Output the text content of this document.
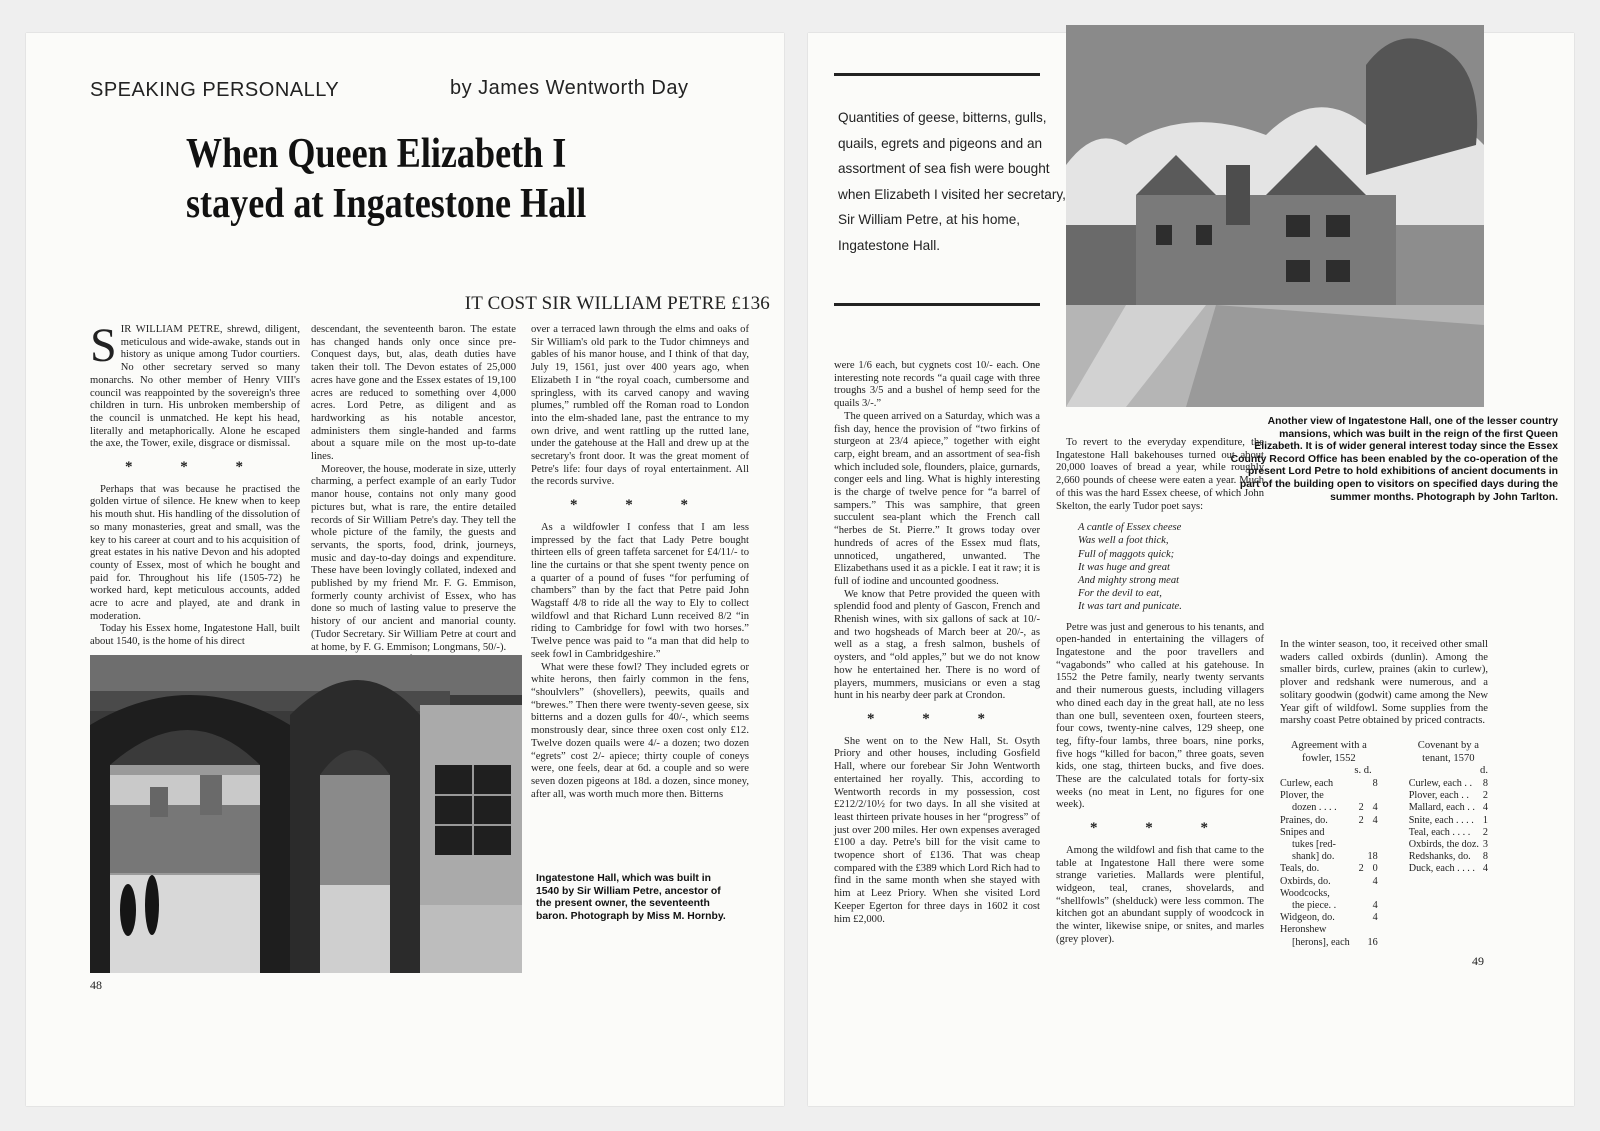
SPEAKING PERSONALLY	by James Wentworth Day
When Queen Elizabeth I
stayed at Ingatestone Hall
IT COST SIR WILLIAM PETRE £136

SIR WILLIAM PETRE, shrewd, diligent, meticulous and wide-awake, stands out in history as unique among Tudor courtiers. No other secretary served so many monarchs. No other member of Henry VIII's council was reappointed by the sovereign's three children in turn. His unbroken membership of the council is unmatched. He kept his head, literally and metaphorically. Alone he escaped the axe, the Tower, exile, disgrace or dismissal.

* * *

Perhaps that was because he practised the golden virtue of silence. He knew when to keep his mouth shut. His handling of the dissolution of so many monasteries, great and small, was the key to his career at court and to his acquisition of great estates in his native Devon and his adopted county of Essex, most of which he bought and paid for. Throughout his life (1505-72) he worked hard, kept meticulous accounts, added acre to acre and played, ate and drank in moderation.

Today his Essex home, Ingatestone Hall, built about 1540, is the home of his direct

descendant, the seventeenth baron. The estate has changed hands only once since pre-Conquest days, but, alas, death duties have taken their toll. The Devon estates of 25,000 acres have gone and the Essex estates of 19,100 acres are reduced to something over 4,000 acres. Lord Petre, as diligent and as hardworking as his notable ancestor, administers them single-handed and farms about a square mile on the most up-to-date lines.

Moreover, the house, moderate in size, utterly charming, a perfect example of an early Tudor manor house, contains not only many good pictures but, what is rare, the entire detailed records of Sir William Petre's day. They tell the whole picture of the family, the guests and servants, the sports, food, drink, journeys, music and day-to-day doings and expenditure. These have been lovingly collated, indexed and published by my friend Mr. F. G. Emmison, formerly county archivist of Essex, who has done so much of lasting value to preserve the history of our ancient and manorial county. (Tudor Secretary. Sir William Petre at court and at home, by F. G. Emmison; Longmans, 50/-).

over a terraced lawn through the elms and oaks of Sir William's old park to the Tudor chimneys and gables of his manor house, and I think of that day, July 19, 1561, just over 400 years ago, when Elizabeth I in “the royal coach, cumbersome and springless, with its carved canopy and waving plumes,” rumbled off the Roman road to London into the elm-shaded lane, past the entrance to my own drive, and went rattling up the rutted lane, under the gatehouse at the Hall and drew up at the secretary's front door. It was the great moment of Petre's life: four days of royal entertainment. All the records survive.

* * *

As a wildfowler I confess that I am less impressed by the fact that Lady Petre bought thirteen ells of green taffeta sarcenet for £4/11/- to line the curtains or that she spent twenty pence on a quarter of a pound of fuses “for perfuming of chambers” than by the fact that Petre paid John Wagstaff 4/8 to ride all the way to Ely to collect wildfowl and that Richard Lunn received 8/2 “in riding to Cambridge for fowl with two horses.” Twelve pence was paid to “a man that did help to seek fowl in Cambridgeshire.”

What were these fowl? They included egrets or white herons, then fairly common in the fens, “shoulvlers” (shovellers), peewits, quails and “brewes.” Then there were twenty-seven geese, six bitterns and a dozen gulls for 40/-, which seems monstrously dear, since three oxen cost only £12. Twelve dozen quails were 4/- a dozen; two dozen “egrets” cost 2/- apiece; thirty couple of coneys were, one feels, dear at 6d. a couple and so were seven dozen pigeons at 18d. a dozen, since money, after all, was worth much more then. Bitterns

Ingatestone Hall, which was built in 1540 by Sir William Petre, ancestor of the present owner, the seventeenth baron. Photograph by Miss M. Hornby.
48
Quantities of geese, bitterns, gulls, quails, egrets and pigeons and an assortment of sea fish were bought when Elizabeth I visited her secretary, Sir William Petre, at his home, Ingatestone Hall.
Another view of Ingatestone Hall, one of the lesser country mansions, which was built in the reign of the first Queen Elizabeth. It is of wider general interest today since the Essex County Record Office has been enabled by the co-operation of the present Lord Petre to hold exhibitions of ancient documents in part of the building open to visitors on specified days during the summer months. Photograph by John Tarlton.

were 1/6 each, but cygnets cost 10/- each. One interesting note records “a quail cage with three troughs 3/5 and a bushel of hemp seed for the quails 3/-.”

The queen arrived on a Saturday, which was a fish day, hence the provision of “two firkins of sturgeon at 23/4 apiece,” together with eight carp, eight bream, and an assortment of sea-fish which included sole, flounders, plaice, gurnards, conger eels and ling. What is highly interesting is the charge of twelve pence for “a barrel of sampers.” This was samphire, that green succulent sea-plant which the French call “herbes de St. Pierre.” It grows today over hundreds of acres of the Essex mud flats, unnoticed, ungathered, unwanted. The Elizabethans used it as a pickle. I eat it raw; it is full of iodine and uncounted goodness.

We know that Petre provided the queen with splendid food and plenty of Gascon, French and Rhenish wines, with six gallons of sack at 10/- and two hogsheads of March beer at 20/-, as well as a stag, a fresh salmon, bushels of oysters, and “old apples,” but we do not know how he entertained her. There is no word of players, mummers, musicians or even a stag hunt in his nearby deer park at Crondon.

* * *

She went on to the New Hall, St. Osyth Priory and other houses, including Gosfield Hall, where our forebear Sir John Wentworth entertained her royally. This, according to Wentworth records in my possession, cost £212/2/10½ for two days. In all she visited at least thirteen private houses in her “progress” of just over 200 miles. Her own expenses averaged £100 a day. Petre's bill for the visit came to twopence short of £136. That was cheap compared with the £389 which Lord Rich had to find in the same month when she stayed with him at Leez Priory. When she visited Lord Keeper Egerton for three days in 1602 it cost him £2,000.

To revert to the everyday expenditure, the Ingatestone Hall bakehouses turned out about 20,000 loaves of bread a year, while roughly 2,660 pounds of cheese were eaten a year. Much of this was the hard Essex cheese, of which John Skelton, the early Tudor poet says:

A cantle of Essex cheese
Was well a foot thick,
Full of maggots quick;
It was huge and great
And mighty strong meat
For the devil to eat,
It was tart and punicate.

Petre was just and generous to his tenants, and open-handed in entertaining the villagers of Ingatestone and the poor travellers and “vagabonds” who called at his gatehouse. In 1552 the Petre family, nearly twenty servants and their numerous guests, including villagers who dined each day in the great hall, ate no less than one bull, seventeen oxen, fourteen steers, four cows, twenty-nine calves, 129 sheep, one teg, fifty-four lambs, three boars, nine porks, five hogs “killed for bacon,” three goats, seven kids, one stag, thirteen bucks, and five does. These are the calculated totals for forty-six weeks (no meat in Lent, no figures for one week).

* * *

Among the wildfowl and fish that came to the table at Ingatestone Hall there were some strange varieties. Mallards were plentiful, widgeon, teal, cranes, shovelards, and “shellfowls” (shelduck) were less common. The kitchen got an abundant supply of woodcock in the winter, likewise snipe, or snites, and marles (grey plover).

In the winter season, too, it received other small waders called oxbirds (dunlin). Among the smaller birds, curlew, praines (akin to curlew), plover and redshank were numerous, and a solitary goodwin (godwit) came among the New Year gift of wildfowl. Some supplies from the marshy coast Petre obtained by priced contracts.

Agreement with a
fowler, 1552
s. d.
Curlew, each		8
Plover, the		
dozen . . . .	2	4
Praines, do.	2	4
Snipes and		
tukes [red-		
shank] do.		18
Teals, do.	2	0
Oxbirds, do.		4
Woodcocks,		
the piece. .		4
Widgeon, do.		4
Heronshew		
[herons], each		16
Covenant by a
tenant, 1570
d.
Curlew, each . .	8
Plover, each . .	2
Mallard, each . .	4
Snite, each . . . .	1
Teal, each . . . .	2
Oxbirds, the doz.	3
Redshanks, do.	8
Duck, each . . . .	4
49
